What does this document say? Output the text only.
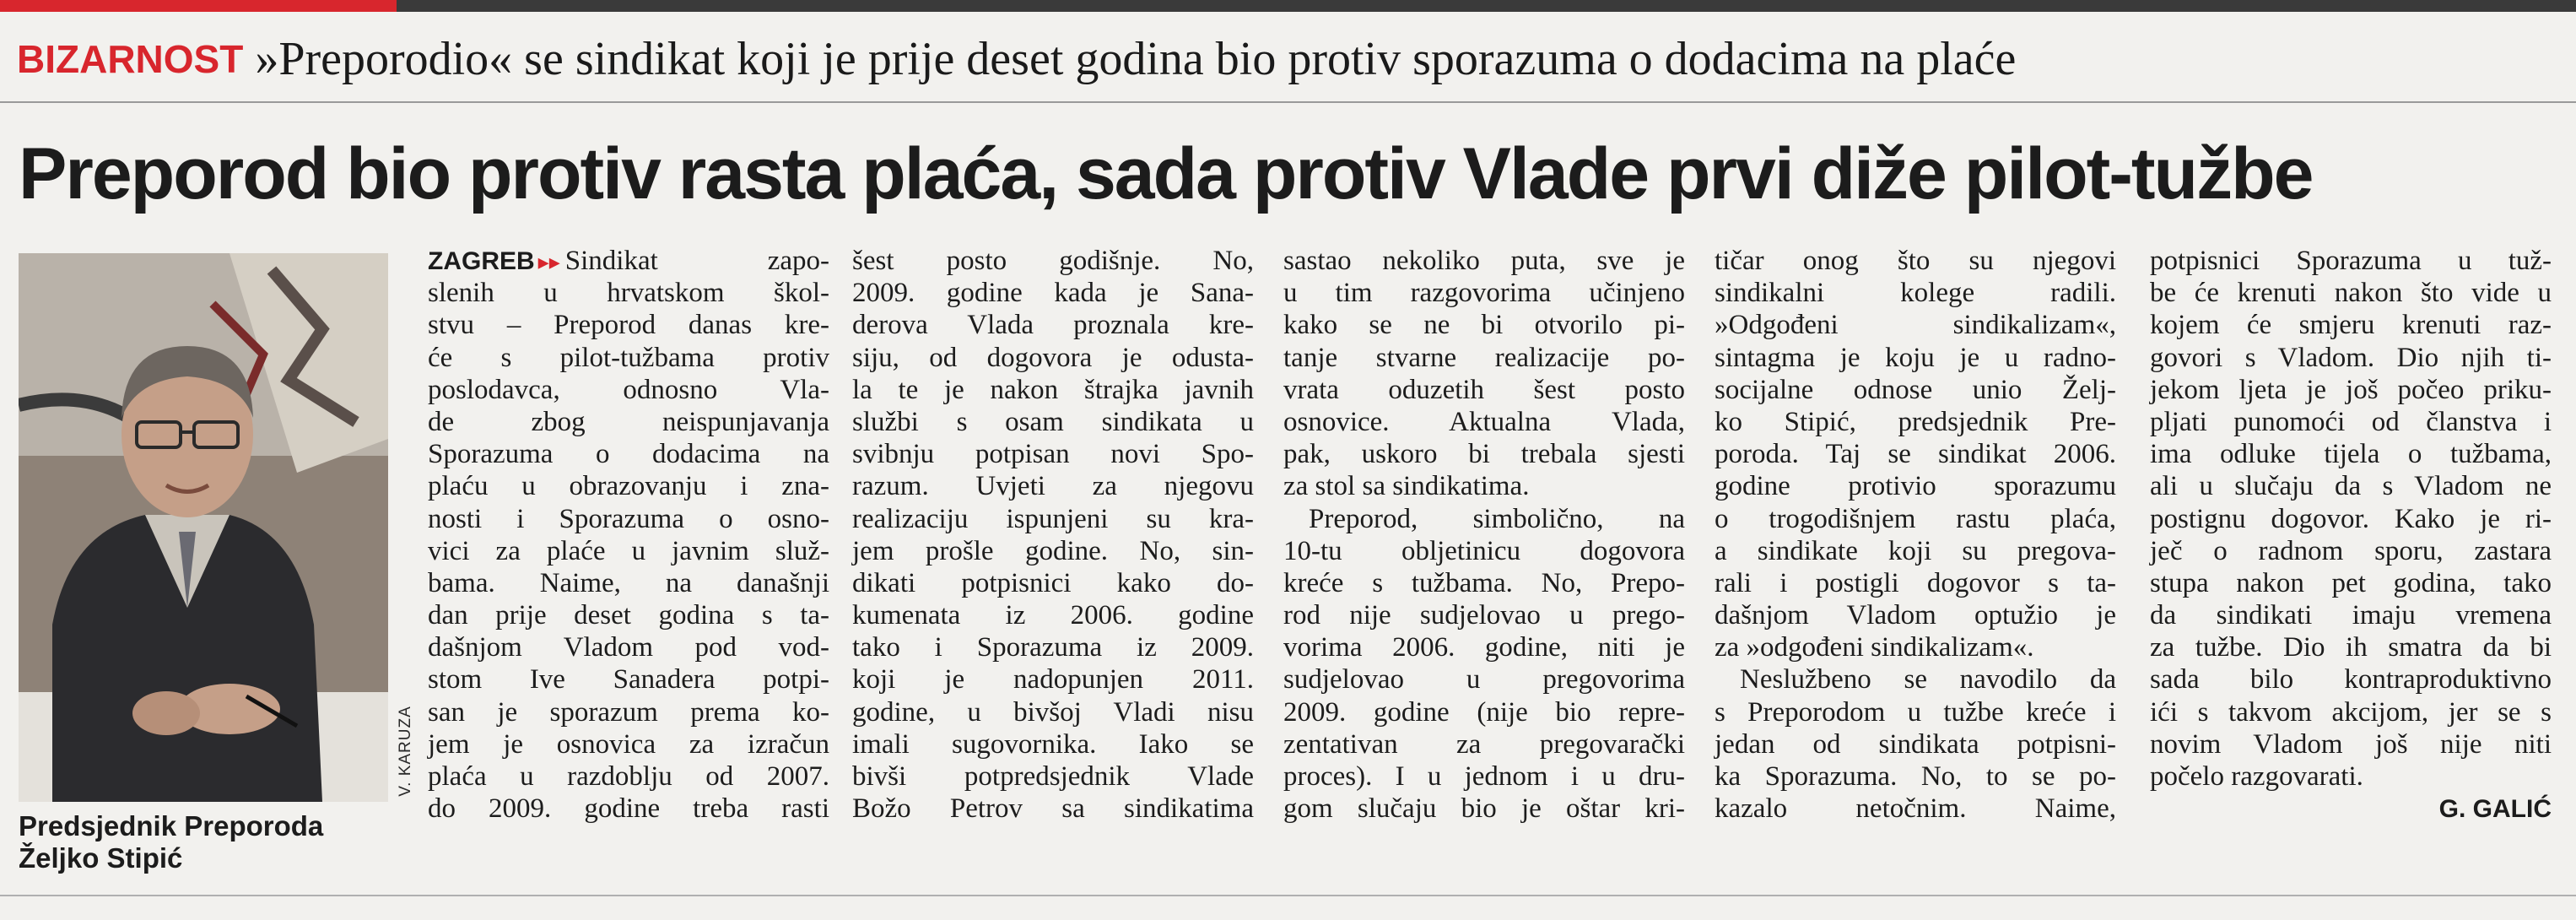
BIZARNOST »Preporodio« se sindikat koji je prije deset godina bio protiv sporazuma o dodacima na plaće
Preporod bio protiv rasta plaća, sada protiv Vlade prvi diže pilot-tužbe
V. KARUZA
Predsjednik Preporoda
Željko Stipić
ZAGREB ▸▸ Sindikat zapo-
slenih u hrvatskom škol-
stvu – Preporod danas kre-
će s pilot-tužbama protiv
poslodavca, odnosno Vla-
de zbog neispunjavanja
Sporazuma o dodacima na
plaću u obrazovanju i zna-
nosti i Sporazuma o osno-
vici za plaće u javnim služ-
bama. Naime, na današnji
dan prije deset godina s ta-
dašnjom Vladom pod vod-
stom Ive Sanadera potpi-
san je sporazum prema ko-
jem je osnovica za izračun
plaća u razdoblju od 2007.
do 2009. godine treba rasti
šest posto godišnje. No,
2009. godine kada je Sana-
derova Vlada proznala kre-
siju, od dogovora je odusta-
la te je nakon štrajka javnih
službi s osam sindikata u
svibnju potpisan novi Spo-
razum. Uvjeti za njegovu
realizaciju ispunjeni su kra-
jem prošle godine. No, sin-
dikati potpisnici kako do-
kumenata iz 2006. godine
tako i Sporazuma iz 2009.
koji je nadopunjen 2011.
godine, u bivšoj Vladi nisu
imali sugovornika. Iako se
bivši potpredsjednik Vlade
Božo Petrov sa sindikatima
sastao nekoliko puta, sve je
u tim razgovorima učinjeno
kako se ne bi otvorilo pi-
tanje stvarne realizacije po-
vrata oduzetih šest posto
osnovice. Aktualna Vlada,
pak, uskoro bi trebala sjesti
za stol sa sindikatima.
Preporod, simbolično, na
10-tu obljetinicu dogovora
kreće s tužbama. No, Prepo-
rod nije sudjelovao u prego-
vorima 2006. godine, niti je
sudjelovao u pregovorima
2009. godine (nije bio repre-
zentativan za pregovarački
proces). I u jednom i u dru-
gom slučaju bio je oštar kri-
tičar onog što su njegovi
sindikalni kolege radili.
»Odgođeni sindikalizam«,
sintagma je koju je u radno-
socijalne odnose unio Želj-
ko Stipić, predsjednik Pre-
poroda. Taj se sindikat 2006.
godine protivio sporazumu
o trogodišnjem rastu plaća,
a sindikate koji su pregova-
rali i postigli dogovor s ta-
dašnjom Vladom optužio je
za »odgođeni sindikalizam«.
Neslužbeno se navodilo da
s Preporodom u tužbe kreće i
jedan od sindikata potpisni-
ka Sporazuma. No, to se po-
kazalo netočnim. Naime,
potpisnici Sporazuma u tuž-
be će krenuti nakon što vide u
kojem će smjeru krenuti raz-
govori s Vladom. Dio njih ti-
jekom ljeta je još počeo priku-
pljati punomoći od članstva i
ima odluke tijela o tužbama,
ali u slučaju da s Vladom ne
postignu dogovor. Kako je ri-
ječ o radnom sporu, zastara
stupa nakon pet godina, tako
da sindikati imaju vremena
za tužbe. Dio ih smatra da bi
sada bilo kontraproduktivno
ići s takvom akcijom, jer se s
novim Vladom još nije niti
počelo razgovarati.
G. GALIĆ
